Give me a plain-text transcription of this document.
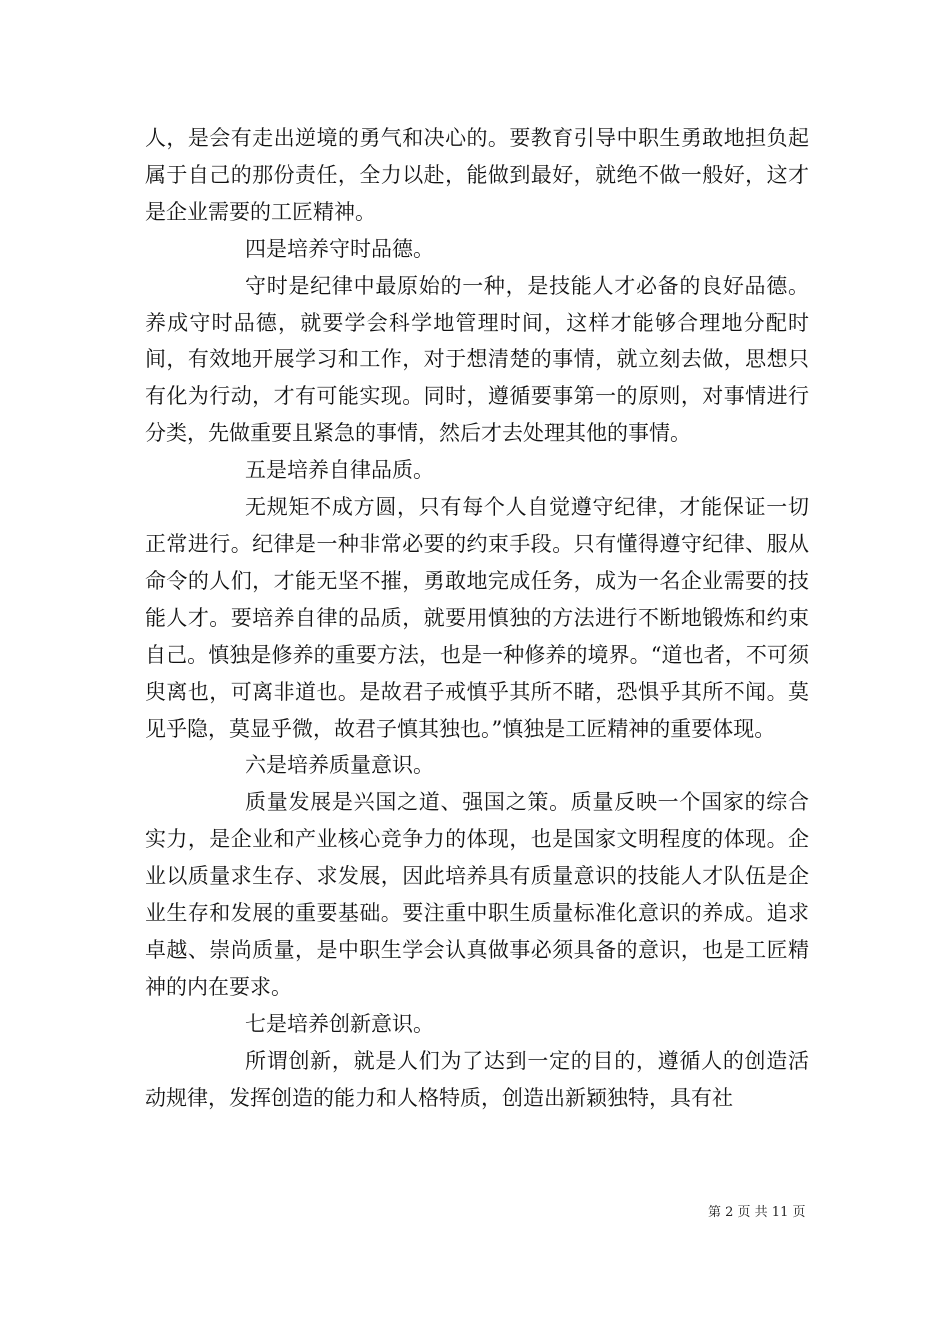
人，是会有走出逆境的勇气和决心的。要教育引导中职生勇敢地担负起属于自己的那份责任，全力以赴，能做到最好，就绝不做一般好，这才是企业需要的工匠精神。

四是培养守时品德。

守时是纪律中最原始的一种，是技能人才必备的良好品德。养成守时品德，就要学会科学地管理时间，这样才能够合理地分配时间，有效地开展学习和工作，对于想清楚的事情，就立刻去做，思想只有化为行动，才有可能实现。同时，遵循要事第一的原则，对事情进行分类，先做重要且紧急的事情，然后才去处理其他的事情。

五是培养自律品质。

无规矩不成方圆，只有每个人自觉遵守纪律，才能保证一切正常进行。纪律是一种非常必要的约束手段。只有懂得遵守纪律、服从命令的人们，才能无坚不摧，勇敢地完成任务，成为一名企业需要的技能人才。要培养自律的品质，就要用慎独的方法进行不断地锻炼和约束自己。慎独是修养的重要方法，也是一种修养的境界。“道也者，不可须臾离也，可离非道也。是故君子戒慎乎其所不睹，恐惧乎其所不闻。莫见乎隐，莫显乎微，故君子慎其独也。”慎独是工匠精神的重要体现。

六是培养质量意识。

质量发展是兴国之道、强国之策。质量反映一个国家的综合实力，是企业和产业核心竞争力的体现，也是国家文明程度的体现。企业以质量求生存、求发展，因此培养具有质量意识的技能人才队伍是企业生存和发展的重要基础。要注重中职生质量标准化意识的养成。追求卓越、崇尚质量，是中职生学会认真做事必须具备的意识，也是工匠精神的内在要求。

七是培养创新意识。

所谓创新，就是人们为了达到一定的目的，遵循人的创造活动规律，发挥创造的能力和人格特质，创造出新颖独特，具有社

第 2 页 共 11 页
